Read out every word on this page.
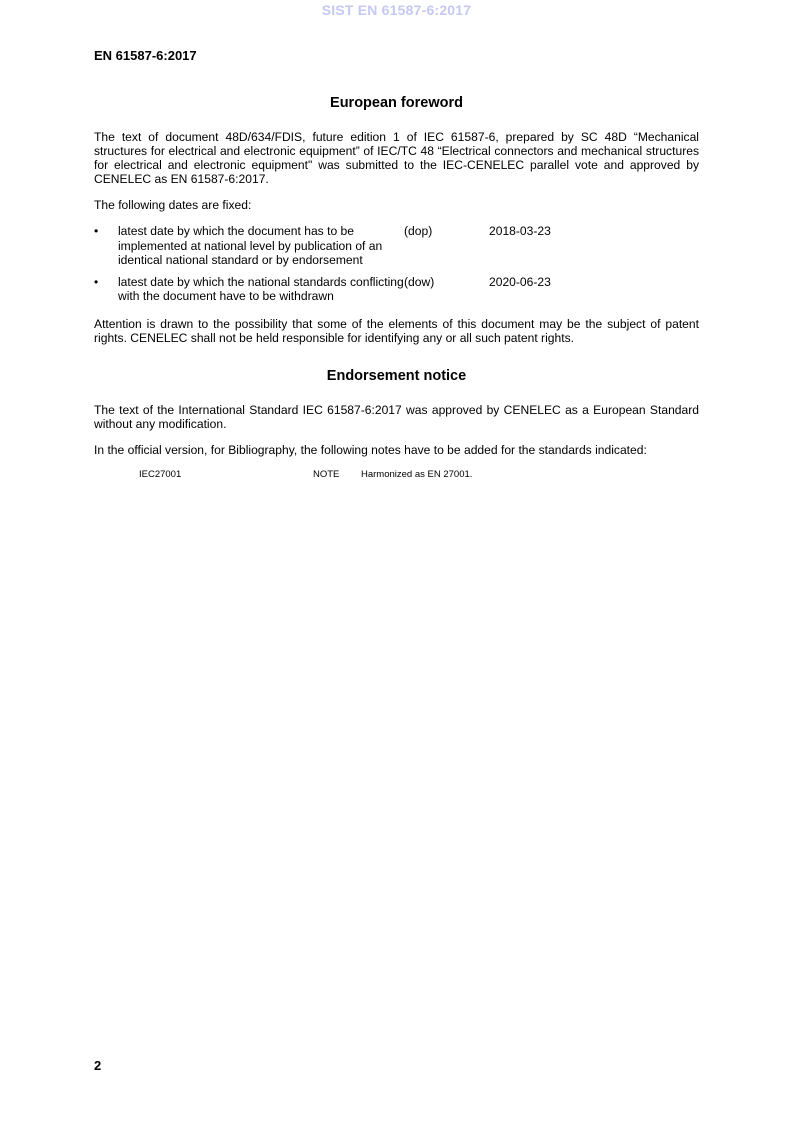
SIST EN 61587-6:2017
EN 61587-6:2017
European foreword

The text of document 48D/634/FDIS, future edition 1 of IEC 61587-6, prepared by SC 48D “Mechanical structures for electrical and electronic equipment” of IEC/TC 48 “Electrical connectors and mechanical structures for electrical and electronic equipment" was submitted to the IEC-CENELEC parallel vote and approved by CENELEC as EN 61587-6:2017.

The following dates are fixed:

•	latest date by which the document has to be implemented at national level by publication of an identical national standard or by endorsement
(dop)	2018-03-23
•	latest date by which the national standards conflicting with the document have to be withdrawn
(dow)	2020-06-23

Attention is drawn to the possibility that some of the elements of this document may be the subject of patent rights. CENELEC shall not be held responsible for identifying any or all such patent rights.

Endorsement notice

The text of the International Standard IEC 61587-6:2017 was approved by CENELEC as a European Standard without any modification.

In the official version, for Bibliography, the following notes have to be added for the standards indicated:

IEC27001	NOTE	Harmonized as EN 27001.
2
